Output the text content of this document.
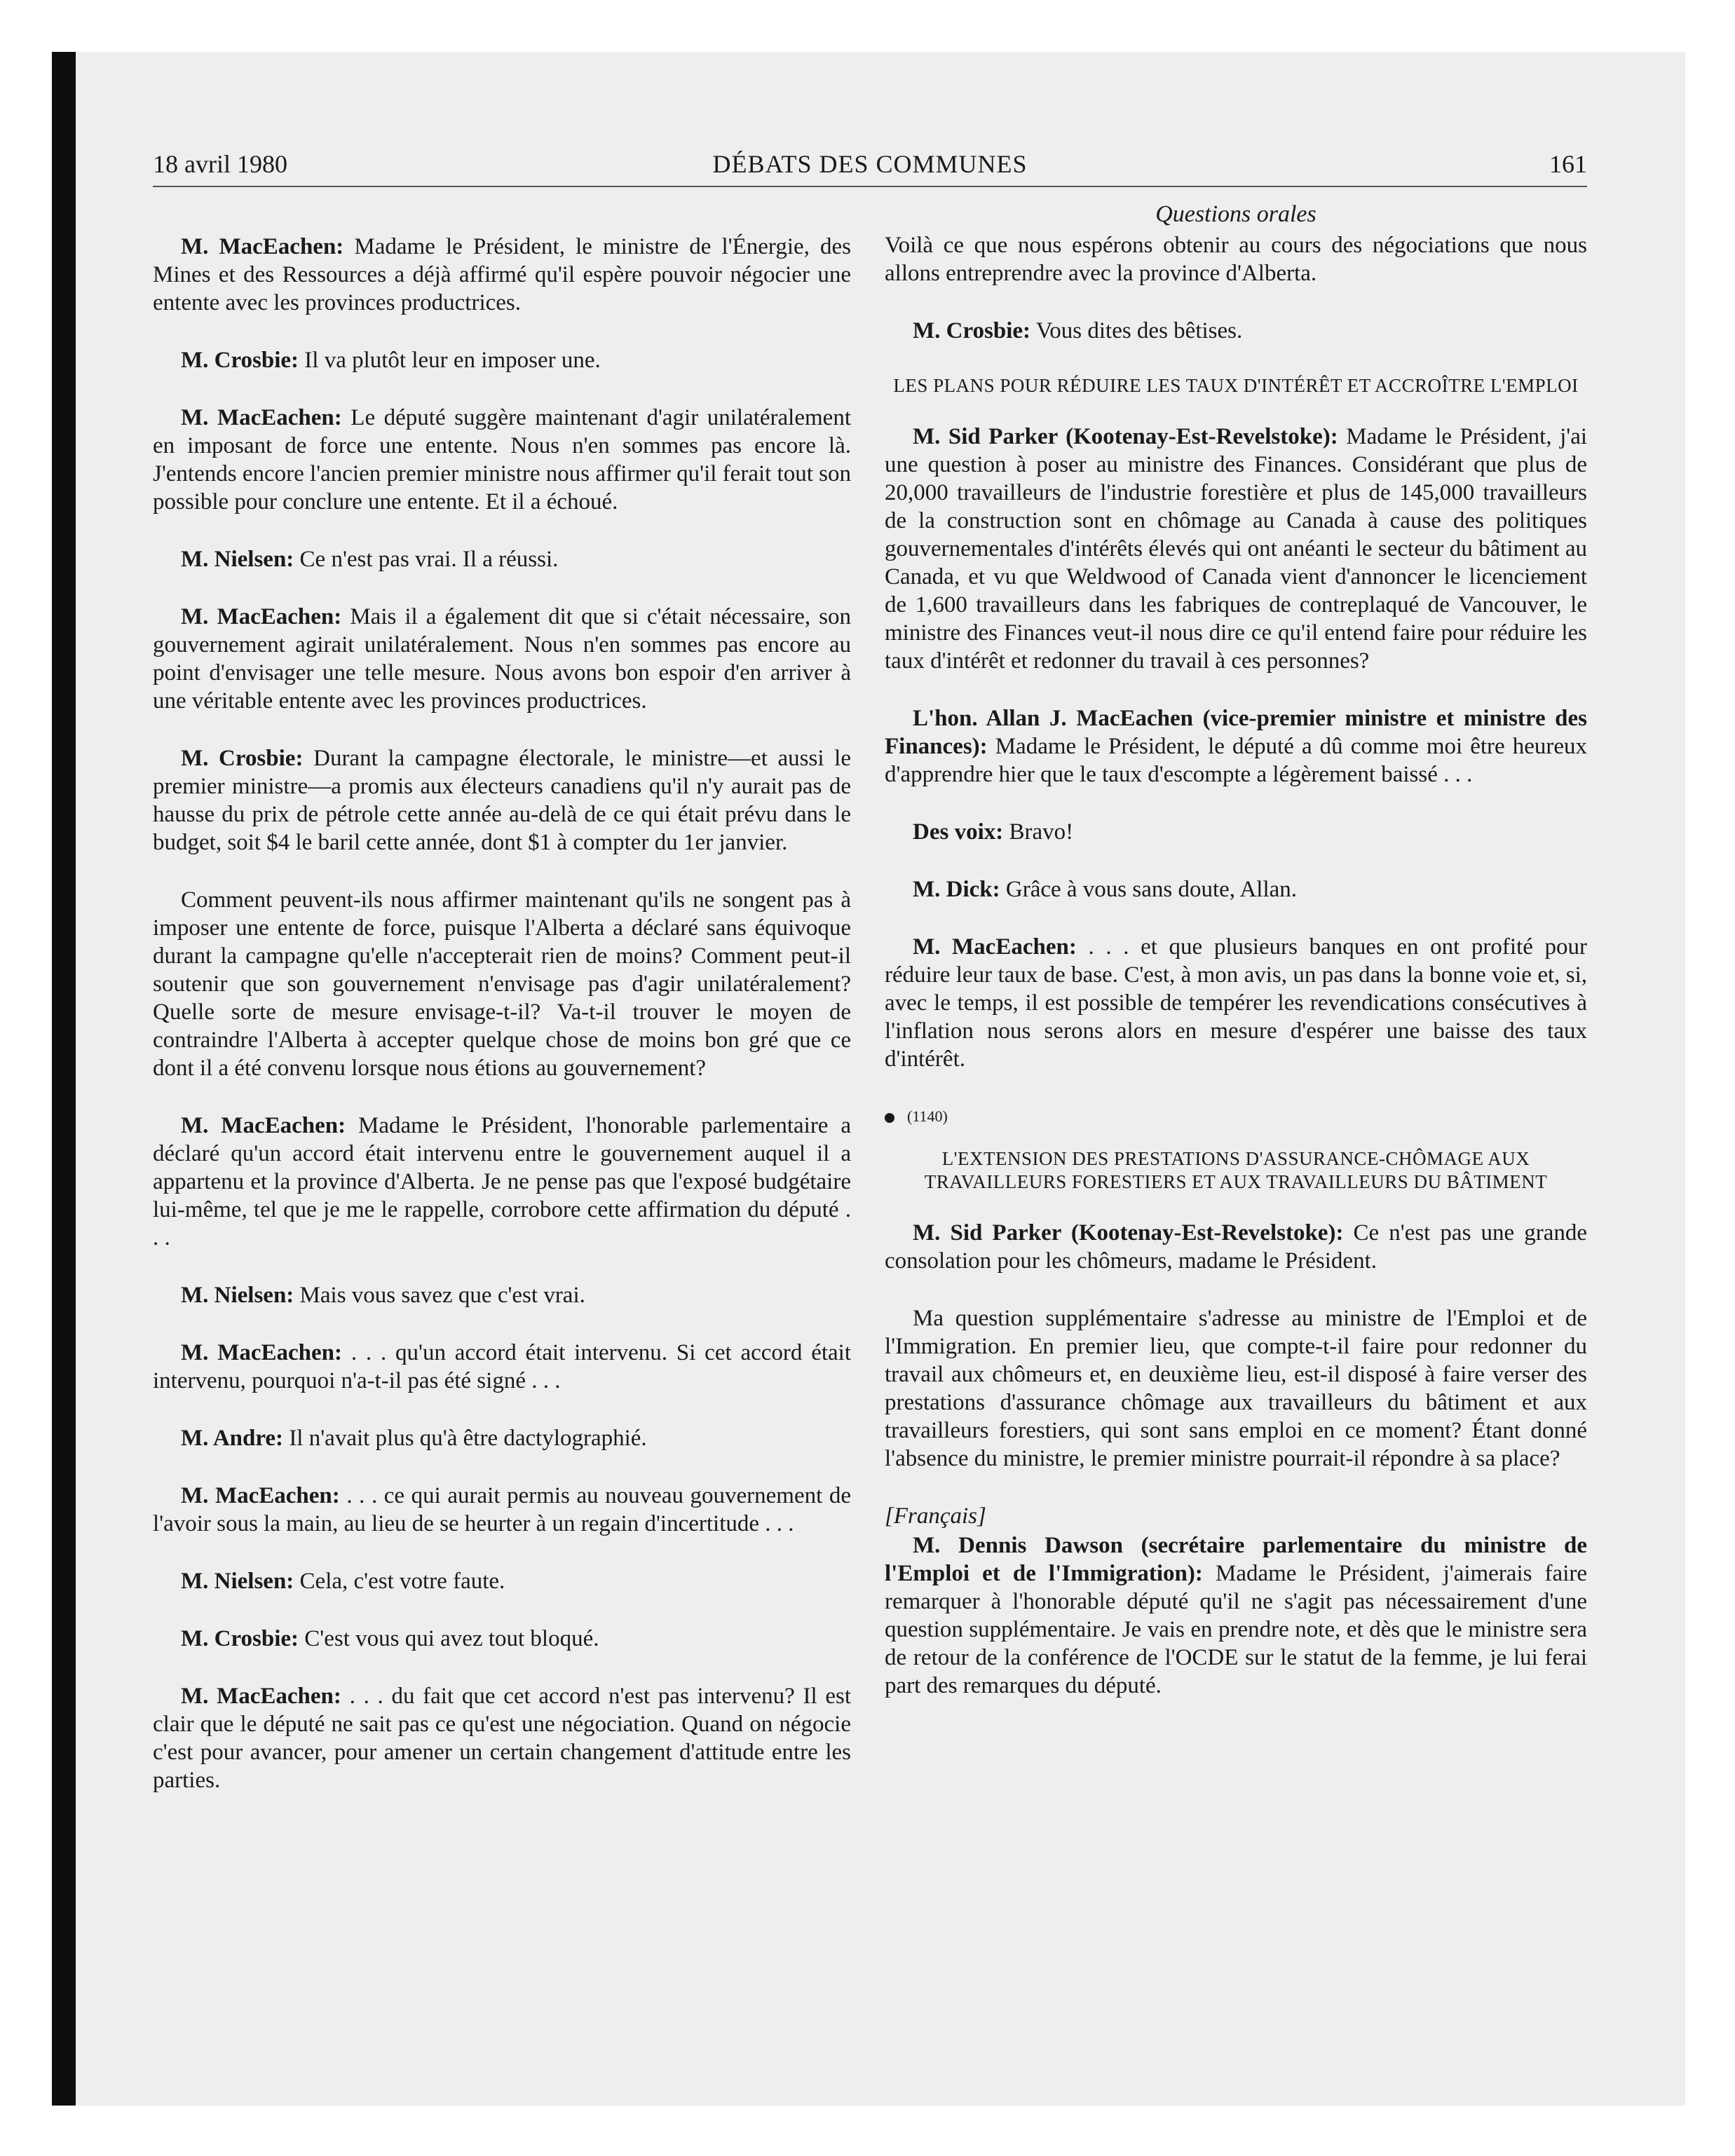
18 avril 1980	DÉBATS DES COMMUNES	161

M. MacEachen: Madame le Président, le ministre de l'Énergie, des Mines et des Ressources a déjà affirmé qu'il espère pouvoir négocier une entente avec les provinces productrices.

M. Crosbie: Il va plutôt leur en imposer une.

M. MacEachen: Le député suggère maintenant d'agir unilatéralement en imposant de force une entente. Nous n'en sommes pas encore là. J'entends encore l'ancien premier ministre nous affirmer qu'il ferait tout son possible pour conclure une entente. Et il a échoué.

M. Nielsen: Ce n'est pas vrai. Il a réussi.

M. MacEachen: Mais il a également dit que si c'était nécessaire, son gouvernement agirait unilatéralement. Nous n'en sommes pas encore au point d'envisager une telle mesure. Nous avons bon espoir d'en arriver à une véritable entente avec les provinces productrices.

M. Crosbie: Durant la campagne électorale, le ministre—et aussi le premier ministre—a promis aux électeurs canadiens qu'il n'y aurait pas de hausse du prix de pétrole cette année au-delà de ce qui était prévu dans le budget, soit $4 le baril cette année, dont $1 à compter du 1er janvier.

Comment peuvent-ils nous affirmer maintenant qu'ils ne songent pas à imposer une entente de force, puisque l'Alberta a déclaré sans équivoque durant la campagne qu'elle n'accepterait rien de moins? Comment peut-il soutenir que son gouvernement n'envisage pas d'agir unilatéralement? Quelle sorte de mesure envisage-t-il? Va-t-il trouver le moyen de contraindre l'Alberta à accepter quelque chose de moins bon gré que ce dont il a été convenu lorsque nous étions au gouvernement?

M. MacEachen: Madame le Président, l'honorable parlementaire a déclaré qu'un accord était intervenu entre le gouvernement auquel il a appartenu et la province d'Alberta. Je ne pense pas que l'exposé budgétaire lui-même, tel que je me le rappelle, corrobore cette affirmation du député . . .

M. Nielsen: Mais vous savez que c'est vrai.

M. MacEachen: . . . qu'un accord était intervenu. Si cet accord était intervenu, pourquoi n'a-t-il pas été signé . . .

M. Andre: Il n'avait plus qu'à être dactylographié.

M. MacEachen: . . . ce qui aurait permis au nouveau gouvernement de l'avoir sous la main, au lieu de se heurter à un regain d'incertitude . . .

M. Nielsen: Cela, c'est votre faute.

M. Crosbie: C'est vous qui avez tout bloqué.

M. MacEachen: . . . du fait que cet accord n'est pas intervenu? Il est clair que le député ne sait pas ce qu'est une négociation. Quand on négocie c'est pour avancer, pour amener un certain changement d'attitude entre les parties.

Questions orales

Voilà ce que nous espérons obtenir au cours des négociations que nous allons entreprendre avec la province d'Alberta.

M. Crosbie: Vous dites des bêtises.

LES PLANS POUR RÉDUIRE LES TAUX D'INTÉRÊT ET ACCROÎTRE L'EMPLOI

M. Sid Parker (Kootenay-Est-Revelstoke): Madame le Président, j'ai une question à poser au ministre des Finances. Considérant que plus de 20,000 travailleurs de l'industrie forestière et plus de 145,000 travailleurs de la construction sont en chômage au Canada à cause des politiques gouvernementales d'intérêts élevés qui ont anéanti le secteur du bâtiment au Canada, et vu que Weldwood of Canada vient d'annoncer le licenciement de 1,600 travailleurs dans les fabriques de contreplaqué de Vancouver, le ministre des Finances veut-il nous dire ce qu'il entend faire pour réduire les taux d'intérêt et redonner du travail à ces personnes?

L'hon. Allan J. MacEachen (vice-premier ministre et ministre des Finances): Madame le Président, le député a dû comme moi être heureux d'apprendre hier que le taux d'escompte a légèrement baissé . . .

Des voix: Bravo!

M. Dick: Grâce à vous sans doute, Allan.

M. MacEachen: . . . et que plusieurs banques en ont profité pour réduire leur taux de base. C'est, à mon avis, un pas dans la bonne voie et, si, avec le temps, il est possible de tempérer les revendications consécutives à l'inflation nous serons alors en mesure d'espérer une baisse des taux d'intérêt.

(1140)

L'EXTENSION DES PRESTATIONS D'ASSURANCE-CHÔMAGE AUX TRAVAILLEURS FORESTIERS ET AUX TRAVAILLEURS DU BÂTIMENT

M. Sid Parker (Kootenay-Est-Revelstoke): Ce n'est pas une grande consolation pour les chômeurs, madame le Président.

Ma question supplémentaire s'adresse au ministre de l'Emploi et de l'Immigration. En premier lieu, que compte-t-il faire pour redonner du travail aux chômeurs et, en deuxième lieu, est-il disposé à faire verser des prestations d'assurance chômage aux travailleurs du bâtiment et aux travailleurs forestiers, qui sont sans emploi en ce moment? Étant donné l'absence du ministre, le premier ministre pourrait-il répondre à sa place?

[Français]

M. Dennis Dawson (secrétaire parlementaire du ministre de l'Emploi et de l'Immigration): Madame le Président, j'aimerais faire remarquer à l'honorable député qu'il ne s'agit pas nécessairement d'une question supplémentaire. Je vais en prendre note, et dès que le ministre sera de retour de la conférence de l'OCDE sur le statut de la femme, je lui ferai part des remarques du député.
